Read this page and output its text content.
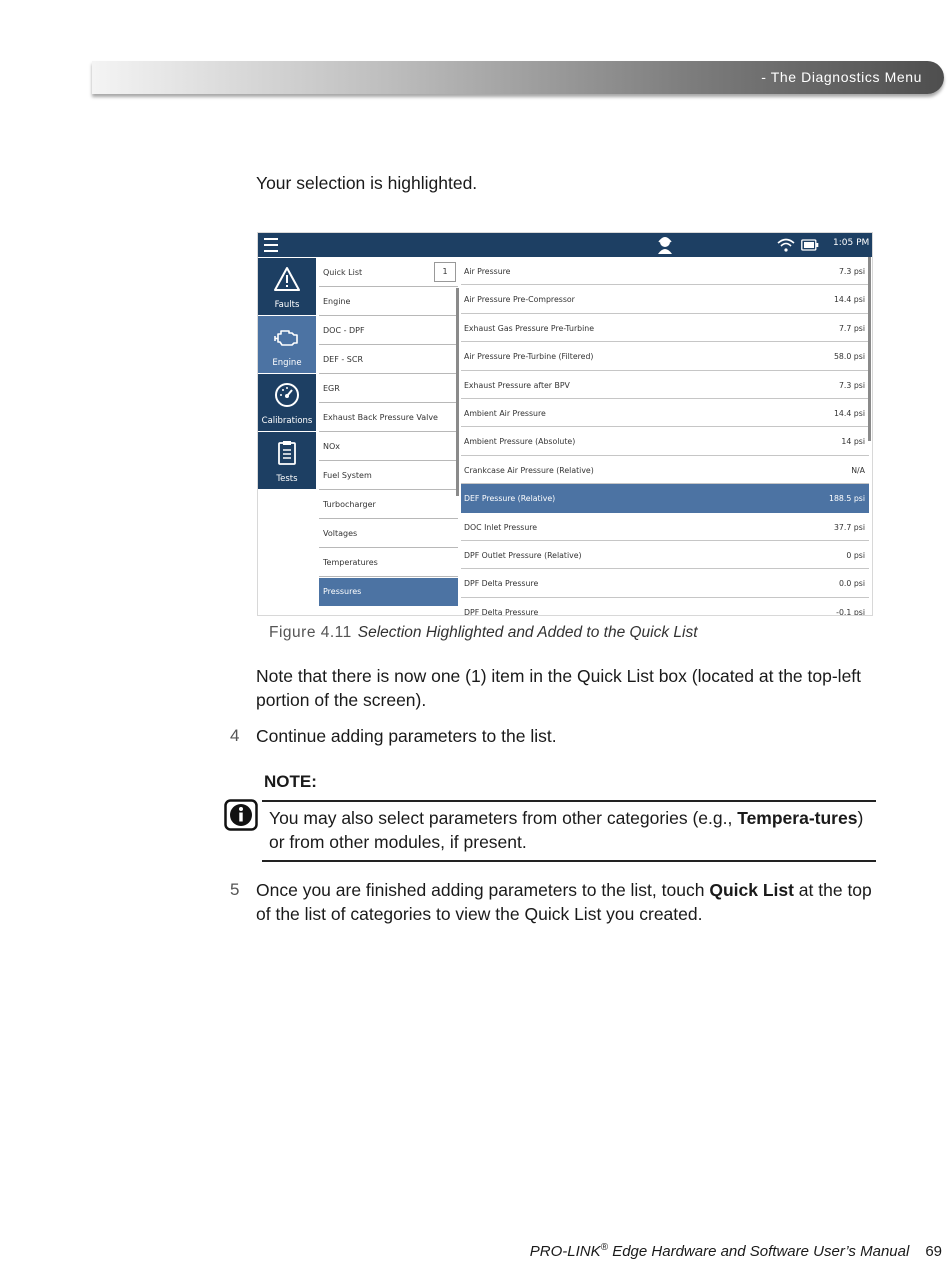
- The Diagnostics Menu
Your selection is highlighted.
1:05 PM
Faults
Engine
Calibrations
Tests
Quick List	1
Engine
DOC - DPF
DEF - SCR
EGR
Exhaust Back Pressure Valve
NOx
Fuel System
Turbocharger
Voltages
Temperatures
Pressures
Air Pressure	7.3 psi
Air Pressure Pre-Compressor	14.4 psi
Exhaust Gas Pressure Pre-Turbine	7.7 psi
Air Pressure Pre-Turbine (Filtered)	58.0 psi
Exhaust Pressure after BPV	7.3 psi
Ambient Air Pressure	14.4 psi
Ambient Pressure (Absolute)	14 psi
Crankcase Air Pressure (Relative)	N/A
DEF Pressure (Relative)	188.5 psi
DOC Inlet Pressure	37.7 psi
DPF Outlet Pressure (Relative)	0 psi
DPF Delta Pressure	0.0 psi
DPF Delta Pressure	-0.1 psi
Figure 4.11 Selection Highlighted and Added to the Quick List
Note that there is now one (1) item in the Quick List box (located at the top-left portion of the screen).
4 Continue adding parameters to the list.
NOTE:
You may also select parameters from other categories (e.g., Tempera-tures) or from other modules, if present.
5 Once you are finished adding parameters to the list, touch Quick List at the top of the list of categories to view the Quick List you created.
PRO-LINK® Edge Hardware and Software User’s Manual 69
